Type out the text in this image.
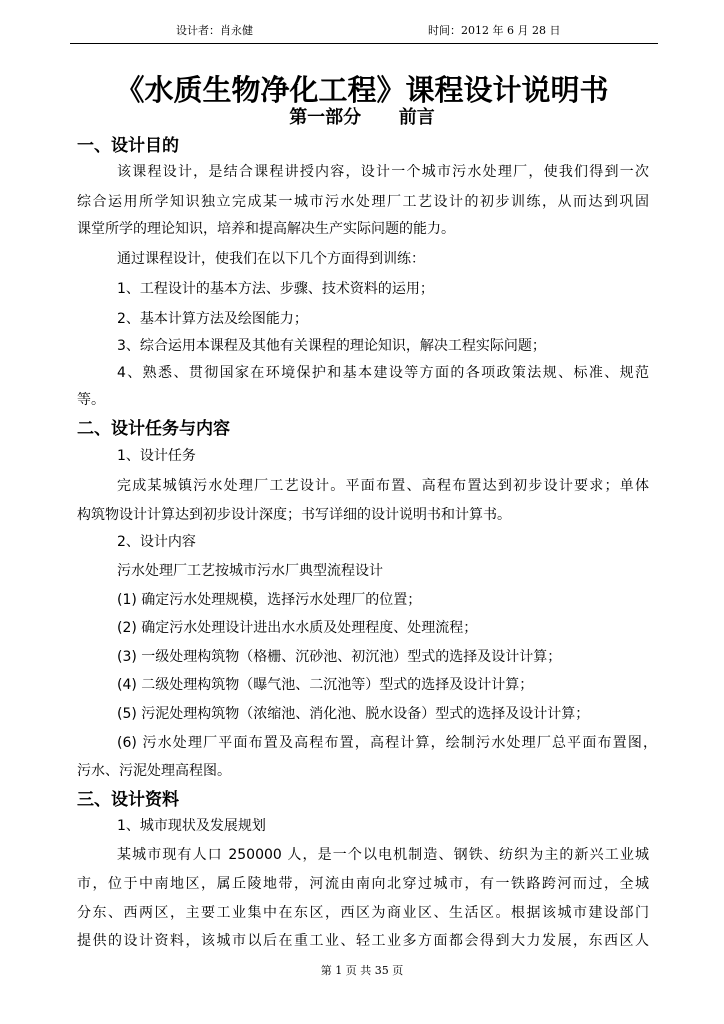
设计者：肖永健	时间：2012 年 6 月 28 日
《水质生物净化工程》课程设计说明书
第一部分      前言
一、设计目的
该课程设计，是结合课程讲授内容，设计一个城市污水处理厂，使我们得到一次
综合运用所学知识独立完成某一城市污水处理厂工艺设计的初步训练，从而达到巩固
课堂所学的理论知识，培养和提高解决生产实际问题的能力。
通过课程设计，使我们在以下几个方面得到训练：
1、工程设计的基本方法、步骤、技术资料的运用；
2、基本计算方法及绘图能力；
3、综合运用本课程及其他有关课程的理论知识，解决工程实际问题；
4、熟悉、贯彻国家在环境保护和基本建设等方面的各项政策法规、标准、规范
等。
二、设计任务与内容
1、设计任务
完成某城镇污水处理厂工艺设计。平面布置、高程布置达到初步设计要求；单体
构筑物设计计算达到初步设计深度；书写详细的设计说明书和计算书。
2、设计内容
污水处理厂工艺按城市污水厂典型流程设计
(1) 确定污水处理规模，选择污水处理厂的位置；
(2) 确定污水处理设计进出水水质及处理程度、处理流程；
(3) 一级处理构筑物（格栅、沉砂池、初沉池）型式的选择及设计计算；
(4) 二级处理构筑物（曝气池、二沉池等）型式的选择及设计计算；
(5) 污泥处理构筑物（浓缩池、消化池、脱水设备）型式的选择及设计计算；
(6) 污水处理厂平面布置及高程布置，高程计算，绘制污水处理厂总平面布置图，
污水、污泥处理高程图。
三、设计资料
1、城市现状及发展规划
某城市现有人口 250000 人，是一个以电机制造、钢铁、纺织为主的新兴工业城
市，位于中南地区，属丘陵地带，河流由南向北穿过城市，有一铁路跨河而过，全城
分东、西两区，主要工业集中在东区，西区为商业区、生活区。根据该城市建设部门
提供的设计资料，该城市以后在重工业、轻工业多方面都会得到大力发展，东西区人
第 1 页 共 35 页
